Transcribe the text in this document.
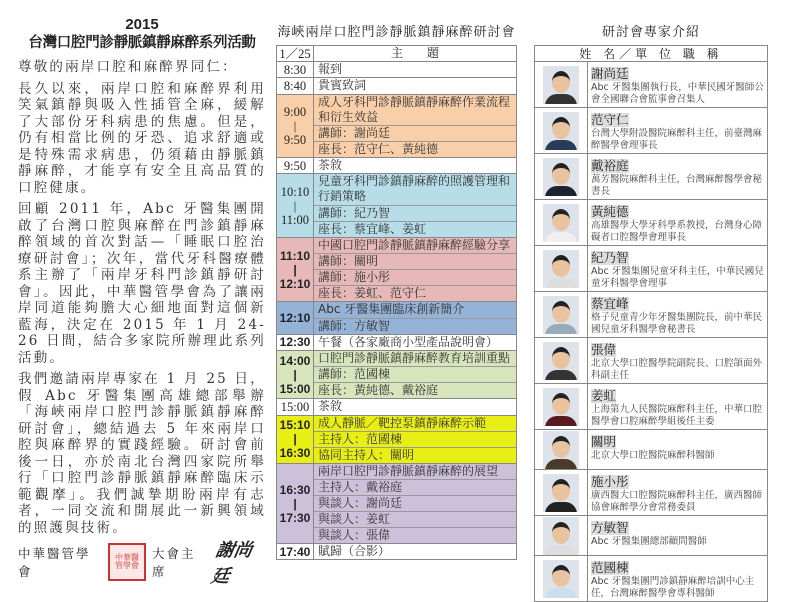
2015
台灣口腔門診靜脈鎮靜麻醉系列活動
尊敬的兩岸口腔和麻醉界同仁：
長久以來，兩岸口腔和麻醉界利用笑氣鎮靜與吸入性插管全麻，緩解了大部份牙科病患的焦慮。但是，仍有相當比例的牙恐、追求舒適或是特殊需求病患，仍須藉由靜脈鎮靜麻醉，才能享有安全且高品質的口腔健康。
回顧 2011 年，Abc 牙醫集團開啟了台灣口腔與麻醉在門診鎮靜麻醉領域的首次對話—「睡眠口腔治療研討會」；次年，當代牙科醫療體系主辦了「兩岸牙科門診鎮靜研討會」。因此，中華醫管學會為了讓兩岸同道能夠膽大心細地面對這個新藍海，決定在 2015 年 1 月 24-26 日間，結合多家院所辦理此系列活動。
我們邀請兩岸專家在 1 月 25 日，假 Abc 牙醫集團高雄總部舉辦「海峽兩岸口腔門診靜脈鎮靜麻醉研討會」，總結過去 5 年來兩岸口腔與麻醉界的實踐經驗。研討會前後一日，亦於南北台灣四家院所舉行「口腔門診靜脈鎮靜麻醉臨床示範觀摩」。我們誠摯期盼兩岸有志者，一同交流和開展此一新興領域的照護與技術。
中華醫管學會
中華醫管學會
大會主席
謝尚廷
海峽兩岸口腔門診靜脈鎮靜麻醉研討會
1／25	主　　題
8:30 報到
8:40 貴賓致詞
9:00
|
9:50
成人牙科門診靜脈鎮靜麻醉作業流程和衍生效益
講師：謝尚廷
座長：范守仁、黃純德
9:50 茶敘
10:10
|
11:00
兒童牙科門診鎮靜麻醉的照護管理和行銷策略
講師：紀乃智
座長：蔡宜峰、姜虹
11:10
|
12:10
中國口腔門診靜脈鎮靜麻醉經驗分享
講師：關明
講師：施小彤
座長：姜虹、范守仁
12:10
Abc 牙醫集團臨床創新簡介
講師：方敏智
12:30 午餐（各家廠商小型產品說明會）
14:00
|
15:00
口腔門診靜脈鎮靜麻醉教育培訓重點
講師：范國棟
座長：黃純德、戴裕庭
15:00 茶敘
15:10
|
16:30
成人靜脈／靶控泵鎮靜麻醉示範
主持人：范國棟
協同主持人：關明
16:30
|
17:30
兩岸口腔門診靜脈鎮靜麻醉的展望
主持人：戴裕庭
與談人：謝尚廷
與談人：姜虹
與談人：張偉
17:40 賦歸（合影）
研討會專家介紹
姓 名／單 位 職 稱
謝尚廷
Abc 牙醫集團執行長，中華民國牙醫師公會全國聯合會監事會召集人
范守仁
台灣大學附設醫院麻醉科主任，前臺灣麻醉醫學會理事長
戴裕庭
萬芳醫院麻醉科主任，台灣麻醉醫學會秘書長
黃純德
高雄醫學大學牙科學系教授，台灣身心障礙者口腔醫學會理事長
紀乃智
Abc 牙醫集團兒童牙科主任，中華民國兒童牙科醫學會理事
蔡宜峰
格子兒童青少年牙醫集團院長，前中華民國兒童牙科醫學會秘書長
張偉
北京大學口腔醫學院副院長、口腔頜面外科副主任
姜虹
上海第九人民醫院麻醉科主任，中華口腔醫學會口腔麻醉學組後任主委
關明
北京大學口腔醫院麻醉科醫師
施小彤
廣西醫大口腔醫院麻醉科主任，廣西醫師協會麻醉學分會常務委員
方敏智
Abc 牙醫集團總部顧問醫師
范國棟
Abc 牙醫集團門診鎮靜麻醉培訓中心主任，台灣麻醉醫學會專科醫師
